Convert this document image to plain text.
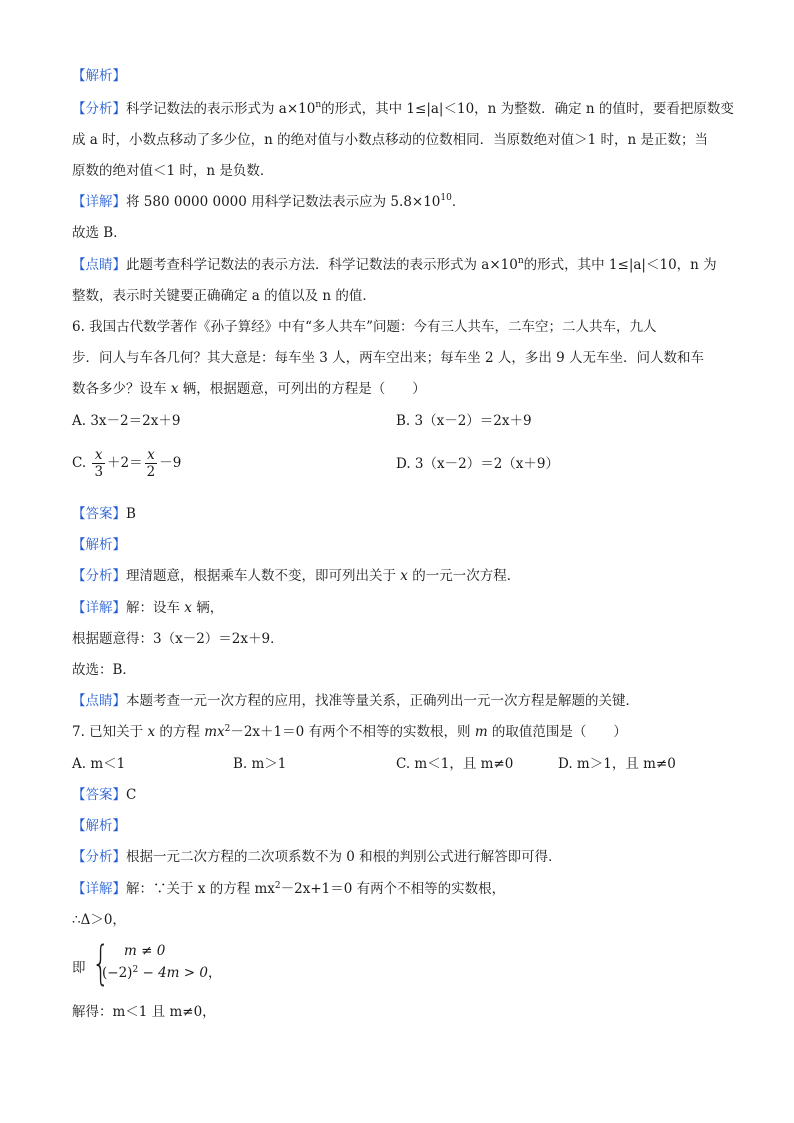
【解析】
【分析】科学记数法的表示形式为 $a\times 10^n$的形式，其中 1≤|a|＜10，n 为整数．确定 n 的值时，要看把原数变
成 a 时，小数点移动了多少位，n 的绝对值与小数点移动的位数相同．当原数绝对值＞1 时，n 是正数；当
原数的绝对值＜1 时，n 是负数．
【详解】将 580 0000 0000 用科学记数法表示应为 $5.8\times 10^{10}$．
故选 B．
【点睛】此题考查科学记数法的表示方法．科学记数法的表示形式为 $a\times 10^n$的形式，其中 1≤|a|＜10，n 为
整数，表示时关键要正确确定 a 的值以及 n 的值．
6. 我国古代数学著作《孙子算经》中有“多人共车”问题：今有三人共车，二车空；二人共车，九人
步．问人与车各几何？其大意是：每车坐 3 人，两车空出来；每车坐 2 人，多出 9 人无车坐．问人数和车
数各多少？设车 x 辆，根据题意，可列出的方程是（　　）
A. 3x－2＝2x＋9	B. 3（x－2）＝2x＋9
C. $\frac{x}{3} +2= \frac{x}{2} -9$	D. 3（x－2）＝2（x＋9）
【答案】B
【解析】
【分析】理清题意，根据乘车人数不变，即可列出关于 x 的一元一次方程．
【详解】解：设车 x 辆，
根据题意得：3（x－2）＝2x＋9．
故选：B．
【点睛】本题考查一元一次方程的应用，找准等量关系，正确列出一元一次方程是解题的关键．
7. 已知关于 x 的方程 $mx^2-2x+1=0$ 有两个不相等的实数根，则 m 的取值范围是（　　）
A. m＜1	B. m＞1	C. m＜1，且 m≠0	D. m＞1，且 m≠0
【答案】C
【解析】
【分析】根据一元二次方程的二次项系数不为 0 和根的判别公式进行解答即可得．
【详解】解：∵关于 x 的方程 $mx^2-2x+1=0$ 有两个不相等的实数根，
∴Δ＞0，
即 { m ≠ 0
$(-2)^2 - 4m > 0$，
解得：m＜1 且 m≠0，
